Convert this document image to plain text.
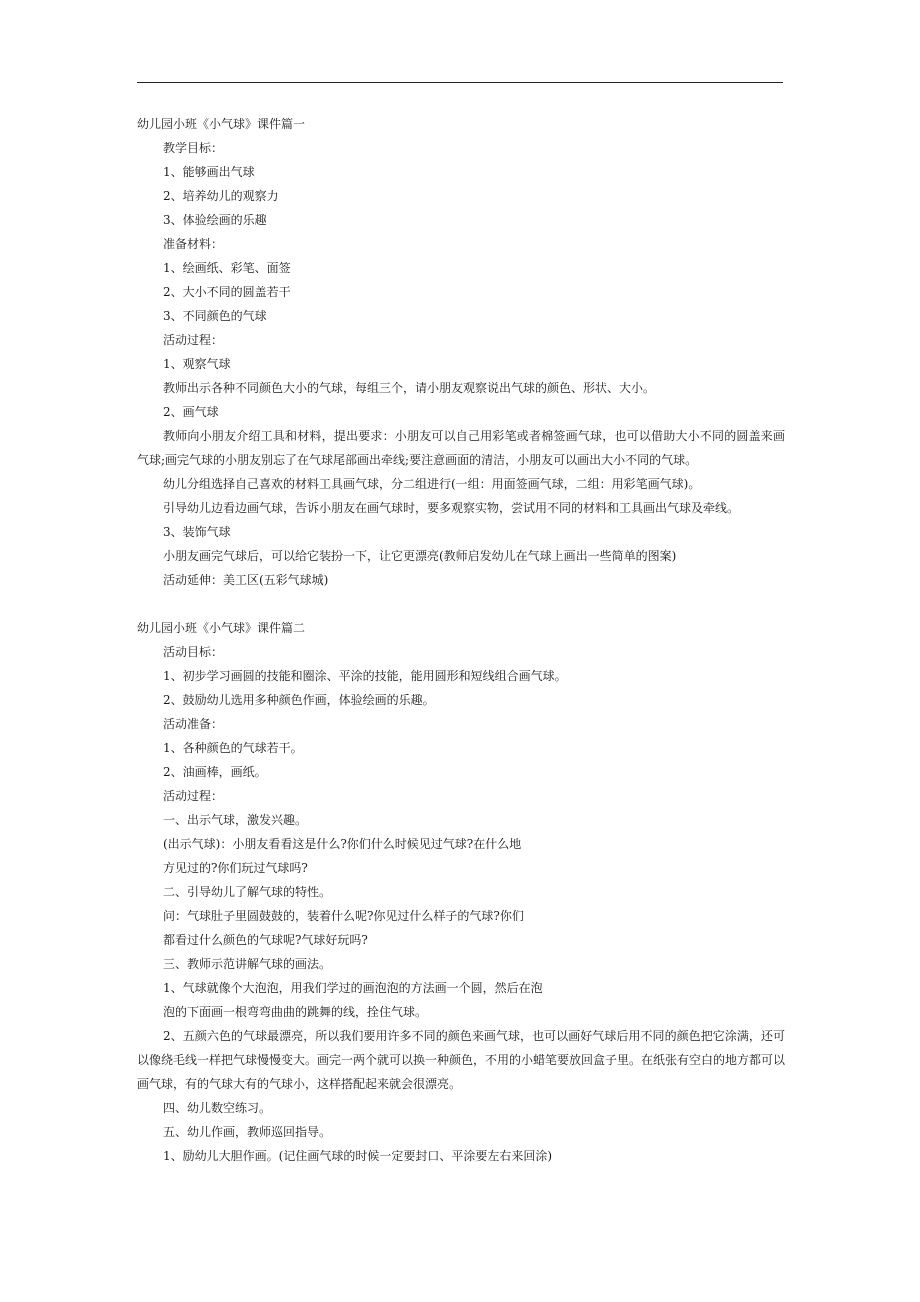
幼儿园小班《小气球》课件篇一

教学目标：

1、能够画出气球

2、培养幼儿的观察力

3、体验绘画的乐趣

准备材料：

1、绘画纸、彩笔、面签

2、大小不同的圆盖若干

3、不同颜色的气球

活动过程：

1、观察气球

教师出示各种不同颜色大小的气球，每组三个，请小朋友观察说出气球的颜色、形状、大小。

2、画气球

教师向小朋友介绍工具和材料，提出要求：小朋友可以自己用彩笔或者棉签画气球，也可以借助大小不同的圆盖来画气球;画完气球的小朋友别忘了在气球尾部画出牵线;要注意画面的清洁，小朋友可以画出大小不同的气球。

幼儿分组选择自己喜欢的材料工具画气球，分二组进行(一组：用面签画气球，二组：用彩笔画气球)。

引导幼儿边看边画气球，告诉小朋友在画气球时，要多观察实物，尝试用不同的材料和工具画出气球及牵线。

3、装饰气球

小朋友画完气球后，可以给它装扮一下，让它更漂亮(教师启发幼儿在气球上画出一些简单的图案)

活动延伸：美工区(五彩气球城)

幼儿园小班《小气球》课件篇二

活动目标：

1、初步学习画圆的技能和圈涂、平涂的技能，能用圆形和短线组合画气球。

2、鼓励幼儿选用多种颜色作画，体验绘画的乐趣。

活动准备：

1、各种颜色的气球若干。

2、油画棒，画纸。

活动过程：

一、出示气球，激发兴趣。

(出示气球)：小朋友看看这是什么?你们什么时候见过气球?在什么地

方见过的?你们玩过气球吗?

二、引导幼儿了解气球的特性。

问：气球肚子里圆鼓鼓的，装着什么呢?你见过什么样子的气球?你们

都看过什么颜色的气球呢?气球好玩吗?

三、教师示范讲解气球的画法。

1、气球就像个大泡泡，用我们学过的画泡泡的方法画一个圆，然后在泡

泡的下面画一根弯弯曲曲的跳舞的线，拴住气球。

2、五颜六色的气球最漂亮，所以我们要用许多不同的颜色来画气球，也可以画好气球后用不同的颜色把它涂满，还可以像绕毛线一样把气球慢慢变大。画完一两个就可以换一种颜色，不用的小蜡笔要放回盒子里。在纸张有空白的地方都可以画气球，有的气球大有的气球小，这样搭配起来就会很漂亮。

四、幼儿数空练习。

五、幼儿作画，教师巡回指导。

1、励幼儿大胆作画。(记住画气球的时候一定要封口、平涂要左右来回涂)
